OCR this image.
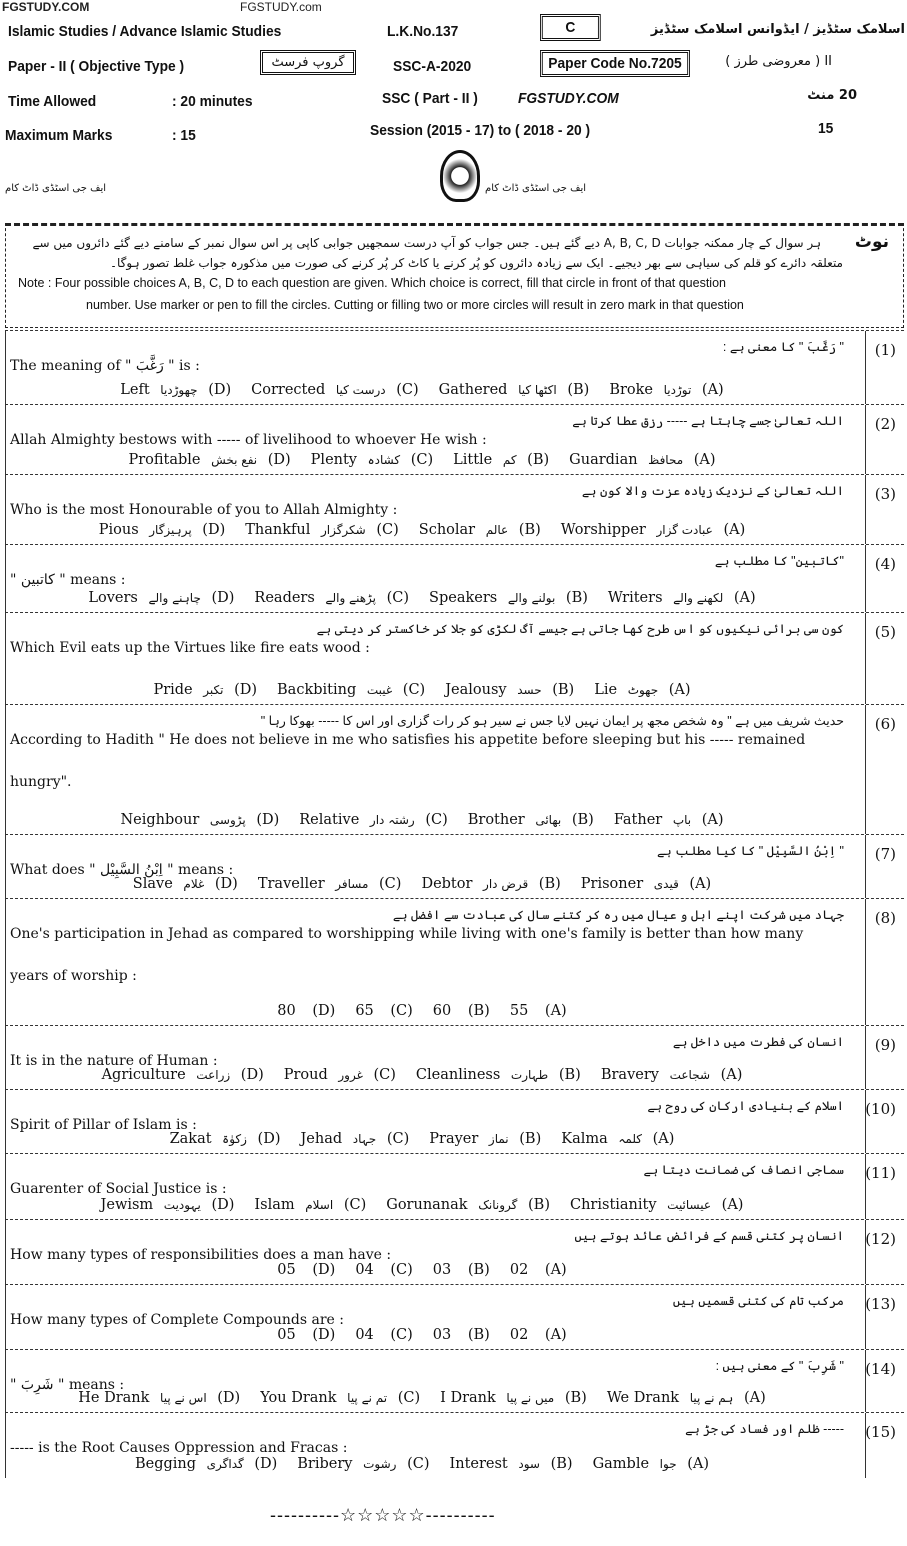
FGSTUDY.COM	FGSTUDY.com
Islamic Studies / Advance Islamic Studies	L.K.No.137	C	اسلامک سٹڈیز / ایڈوانس اسلامک سٹڈیز
Paper - II ( Objective Type )	گروپ فرسٹ	SSC-A-2020	Paper Code No.7205	II ( معروضی طرز )
Time Allowed	: 20 minutes	SSC ( Part - II )	FGSTUDY.COM	20 منٹ
Maximum Marks	: 15	Session (2015 - 17) to ( 2018 - 20 )	15
ایف جی اسٹڈی ڈاٹ کام	ایف جی اسٹڈی ڈاٹ کام
نوٹ ہر سوال کے چار ممکنہ جوابات A, B, C, D دیے گئے ہیں۔ جس جواب کو آپ درست سمجھیں جوابی کاپی پر اس سوال نمبر کے سامنے دیے گئے دائروں میں سے
متعلقہ دائرے کو قلم کی سیاہی سے بھر دیجیے۔ ایک سے زیادہ دائروں کو پُر کرنے یا کاٹ کر پُر کرنے کی صورت میں مذکورہ جواب غلط تصور ہوگا۔
Note : Four possible choices A, B, C, D to each question are given. Which choice is correct, fill that circle in front of that question
number. Use marker or pen to fill the circles. Cutting or filling two or more circles will result in zero mark in that question
(1)
" رَغَّبَ " کا معنی ہے :
The meaning of " رَغَّبَ " is :
Left چھوڑدیا (D)	Corrected درست کیا (C)	Gathered اکٹھا کیا (B)	Broke توڑدیا (A)
(2)
اللہ تعالیٰ جسے چاہتا ہے ----- رزق عطا کرتا ہے
Allah Almighty bestows with ----- of livelihood to whoever He wish :
Profitable نفع بخش (D)	Plenty کشادہ (C)	Little کم (B)	Guardian محافظ (A)
(3)
اللہ تعالیٰ کے نزدیک زیادہ عزت والا کون ہے
Who is the most Honourable of you to Allah Almighty :
Pious پرہیزگار (D)	Thankful شکرگزار (C)	Scholar عالم (B)	Worshipper عبادت گزار (A)
(4)
"کاتبین" کا مطلب ہے
" کاتبین " means :
Lovers چاہنے والے (D)	Readers پڑھنے والے (C)	Speakers بولنے والے (B)	Writers لکھنے والے (A)
(5)
کون سی برائی نیکیوں کو اس طرح کھا جاتی ہے جیسے آگ لکڑی کو جلا کر خاکستر کر دیتی ہے
Which Evil eats up the Virtues like fire eats wood :
Pride تکبر (D)	Backbiting غیبت (C)	Jealousy حسد (B)	Lie جھوٹ (A)
(6)
حدیث شریف میں ہے " وہ شخص مجھ پر ایمان نہیں لایا جس نے سیر ہو کر رات گزاری اور اس کا ----- بھوکا رہا "
According to Hadith " He does not believe in me who satisfies his appetite before sleeping but his ----- remained hungry".
Neighbour پڑوسی (D)	Relative رشتہ دار (C)	Brother بھائی (B)	Father باپ (A)
(7)
" اِبْنُ السَّبِيْل " کا کیا مطلب ہے
What does " اِبْنُ السَّبِيْل " means :
Slave غلام (D)	Traveller مسافر (C)	Debtor قرض دار (B)	Prisoner قیدی (A)
(8)
جہاد میں شرکت اپنے اہل و عیال میں رہ کر کتنے سال کی عبادت سے افضل ہے
One's participation in Jehad as compared to worshipping while living with one's family is better than how many years of worship :
80 (D)	65 (C)	60 (B)	55 (A)
(9)
انسان کی فطرت میں داخل ہے
It is in the nature of Human :
Agriculture زراعت (D)	Proud غرور (C)	Cleanliness طہارت (B)	Bravery شجاعت (A)
(10)
اسلام کے بنیادی ارکان کی روح ہے
Spirit of Pillar of Islam is :
Zakat زکوٰۃ (D)	Jehad جہاد (C)	Prayer نماز (B)	Kalma کلمہ (A)
(11)
سماجی انصاف کی ضمانت دیتا ہے
Guarenter of Social Justice is :
Jewism یہودیت (D)	Islam اسلام (C)	Gorunanak گرونانک (B)	Christianity عیسائیت (A)
(12)
انسان پر کتنی قسم کے فرائض عائد ہوتے ہیں
How many types of responsibilities does a man have :
05 (D)	04 (C)	03 (B)	02 (A)
(13)
مرکب تام کی کتنی قسمیں ہیں
How many types of Complete Compounds are :
05 (D)	04 (C)	03 (B)	02 (A)
(14)
" شَرِبَ " کے معنی ہیں :
" شَرِبَ " means :
He Drank اس نے پیا (D)	You Drank تم نے پیا (C)	I Drank میں نے پیا (B)	We Drank ہم نے پیا (A)
(15)
----- ظلم اور فساد کی جڑ ہے
----- is the Root Causes Oppression and Fracas :
Begging گداگری (D)	Bribery رشوت (C)	Interest سود (B)	Gamble جوا (A)
----------☆☆☆☆☆----------
